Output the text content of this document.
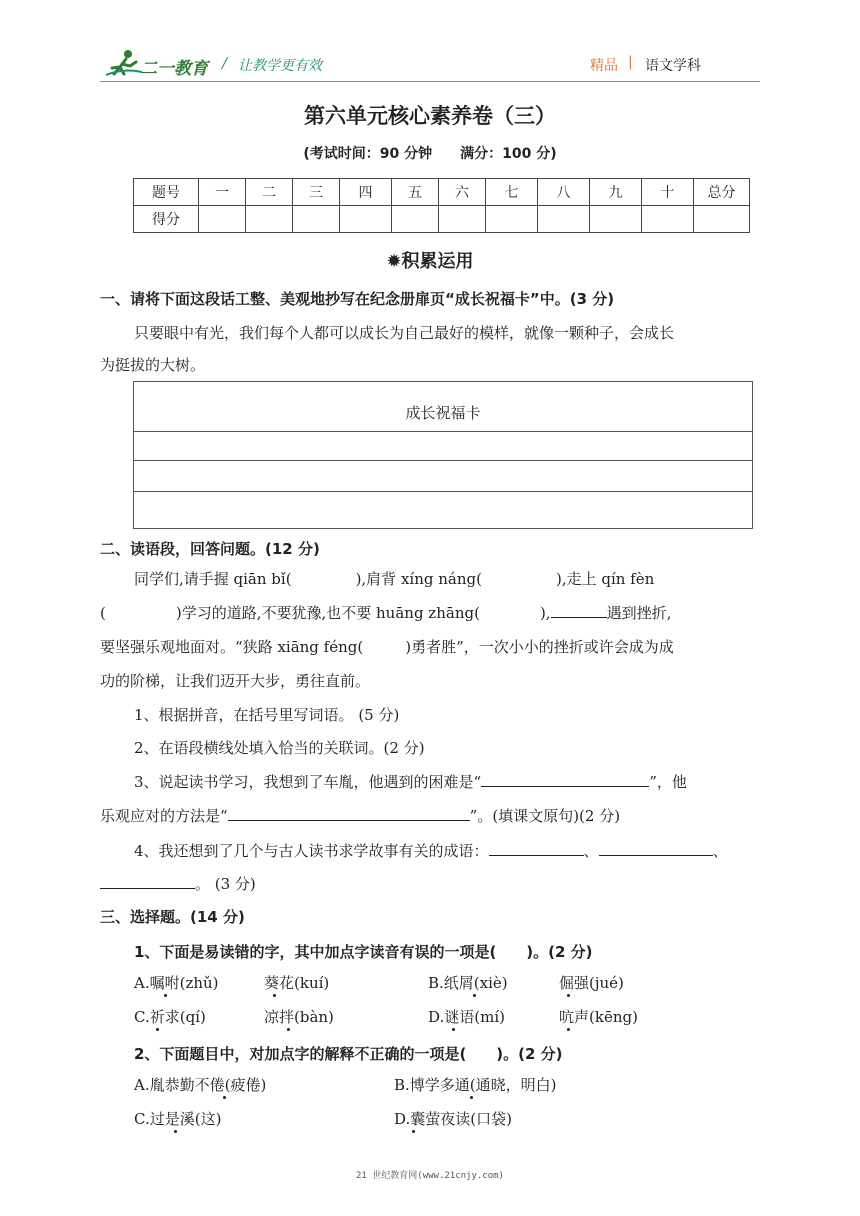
二一教育 / 让教学更有效	精品 | 语文学科
第六单元核心素养卷（三）
(考试时间：90 分钟　　满分：100 分)
题号	一	二	三	四	五	六	七	八	九	十	总分
得分											
✹积累运用
一、请将下面这段话工整、美观地抄写在纪念册扉页“成长祝福卡”中。(3 分)
只要眼中有光，我们每个人都可以成长为自己最好的模样，就像一颗种子，会成长
为挺拔的大树。
成长祝福卡
二、读语段，回答问题。(12 分)
同学们,请手握 qiān bǐ(	),肩背 xíng náng(	),走上 qín fèn
(	)学习的道路,不要犹豫,也不要 huāng zhāng(	),	遇到挫折,
要坚强乐观地面对。“狭路 xiāng féng(	)勇者胜”，一次小小的挫折或许会成为成
功的阶梯，让我们迈开大步，勇往直前。
1、根据拼音，在括号里写词语。 (5 分)
2、在语段横线处填入恰当的关联词。(2 分)
3、说起读书学习，我想到了车胤，他遇到的困难是“	”，他
乐观应对的方法是“	”。(填课文原句)(2 分)
4、我还想到了几个与古人读书求学故事有关的成语：	、	、
。 (3 分)
三、选择题。(14 分)
1、下面是易读错的字，其中加点字读音有误的一项是(　　)。(2 分)
A.嘱咐(zhǔ)	葵花(kuí)	B.纸屑(xiè)	倔强(jué)
C.祈求(qí)	凉拌(bàn)	D.谜语(mí)	吭声(kēng)
2、下面题目中，对加点字的解释不正确的一项是(　　)。(2 分)
A.胤恭勤不倦(疲倦)	B.博学多通(通晓，明白)
C.过是溪(这)	D.囊萤夜读(口袋)
21 世纪教育网(www.21cnjy.com)
